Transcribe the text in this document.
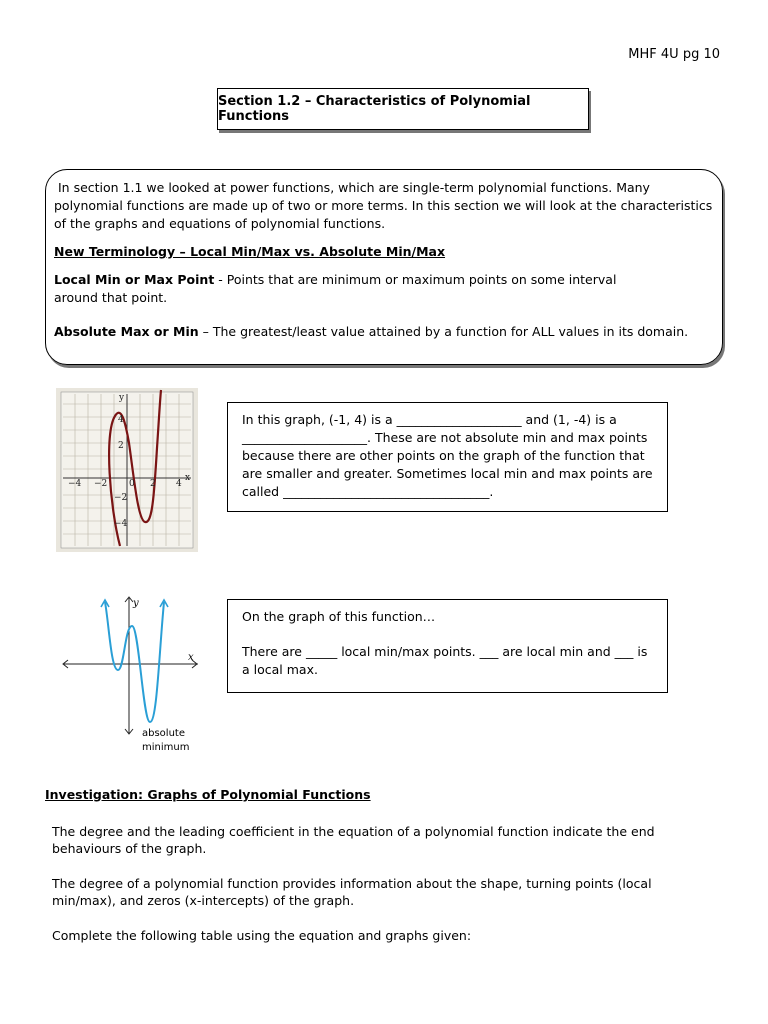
MHF 4U pg 10
Section 1.2 – Characteristics of Polynomial Functions

In section 1.1 we looked at power functions, which are single-term polynomial functions. Many polynomial functions are made up of two or more terms. In this section we will look at the characteristics of the graphs and equations of polynomial functions.

New Terminology – Local Min/Max vs. Absolute Min/Max

Local Min or Max Point - Points that are minimum or maximum points on some interval around that point.

Absolute Max or Min – The greatest/least value attained by a function for ALL values in its domain.

y
x
−4 −2 0 2 4
4
2
−2
−4
In this graph, (-1, 4) is a ____________________ and (1, -4) is a ____________________. These are not absolute min and max points because there are other points on the graph of the function that are smaller and greater. Sometimes local min and max points are called _________________________________.
y
x
absolute
minimum
On the graph of this function…
There are _____ local min/max points. ___ are local min and ___ is a local max.
Investigation: Graphs of Polynomial Functions

The degree and the leading coefficient in the equation of a polynomial function indicate the end behaviours of the graph.

The degree of a polynomial function provides information about the shape, turning points (local min/max), and zeros (x-intercepts) of the graph.

Complete the following table using the equation and graphs given:
